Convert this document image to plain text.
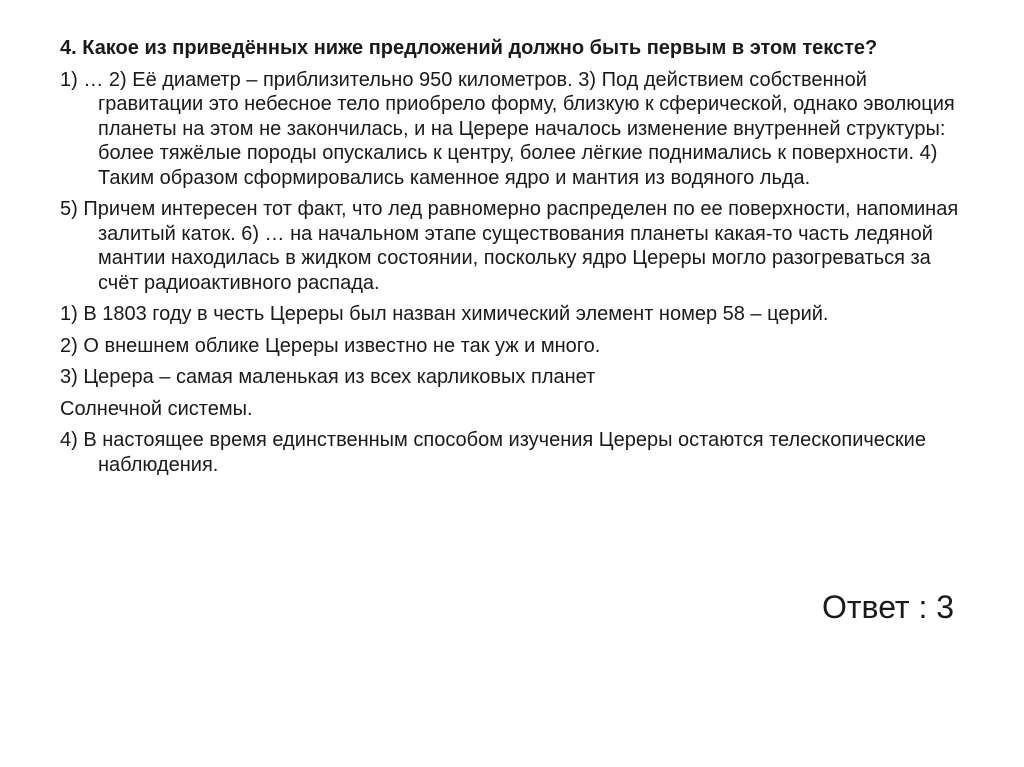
4. Какое из приведённых ниже предложений должно быть первым в этом тексте?

1) … 2) Её диаметр – приблизительно 950 километров. 3) Под действием собственной гравитации это небесное тело приобрело форму, близкую к сферической, однако эволюция планеты на этом не закончилась, и на Церере началось изменение внутренней структуры: более тяжёлые породы опускались к центру, более лёгкие поднимались к поверхности. 4) Таким образом сформировались каменное ядро и мантия из водяного льда.

5) Причем интересен тот факт, что лед равномерно распределен по ее поверхности, напоминая залитый каток. 6) … на начальном этапе существования планеты какая-то часть ледяной мантии находилась в жидком состоянии, поскольку ядро Цереры могло разогреваться за счёт радиоактивного распада.

1) В 1803 году в честь Цереры был назван химический элемент номер 58 – церий.

2) О внешнем облике Цереры известно не так уж и много.

3) Церера – самая маленькая из всех карликовых планет

Солнечной системы.

4) В настоящее время единственным способом изучения Цереры остаются телескопические наблюдения.

Ответ : 3
